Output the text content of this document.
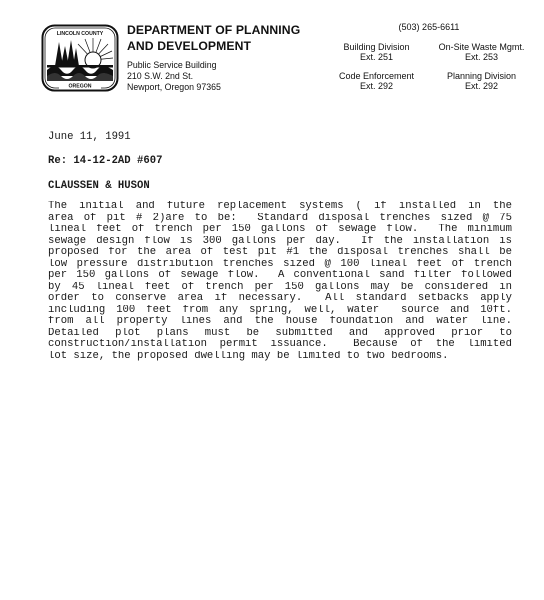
LINCOLN COUNTY
OREGON
DEPARTMENT OF PLANNING
AND DEVELOPMENT
Public Service Building
210 S.W. 2nd St.
Newport, Oregon 97365
(503) 265-6611
Building Division
Ext. 251
On-Site Waste Mgmt.
Ext. 253
Code Enforcement
Ext. 292
Planning Division
Ext. 292
June 11, 1991
Re: 14-12-2AD #607
CLAUSSEN & HUSON
The initial and future replacement systems ( if installed in the
area of pit # 2)are to be:  Standard disposal trenches sized @ 75
lineal feet of trench per 150 gallons of sewage flow.  The minimum
sewage design flow is 300 gallons per day.  If the installation is
proposed for the area of test pit #1 the disposal trenches shall be
low pressure distribution trenches sized @ 100 lineal feet of trench
per 150 gallons of sewage flow.  A conventional sand filter followed
by 45 lineal feet of trench per 150 gallons may be considered in
order to conserve area if necessary.  All standard setbacks apply
including 100 feet from any spring, well, water  source and 10ft.
from all property lines and the house foundation and water line.
Detailed  plot  plans  must  be  submitted  and  approved  prior  to
construction/installation permit issuance.  Because of the limited
lot size, the proposed dwelling may be limited to two bedrooms.
